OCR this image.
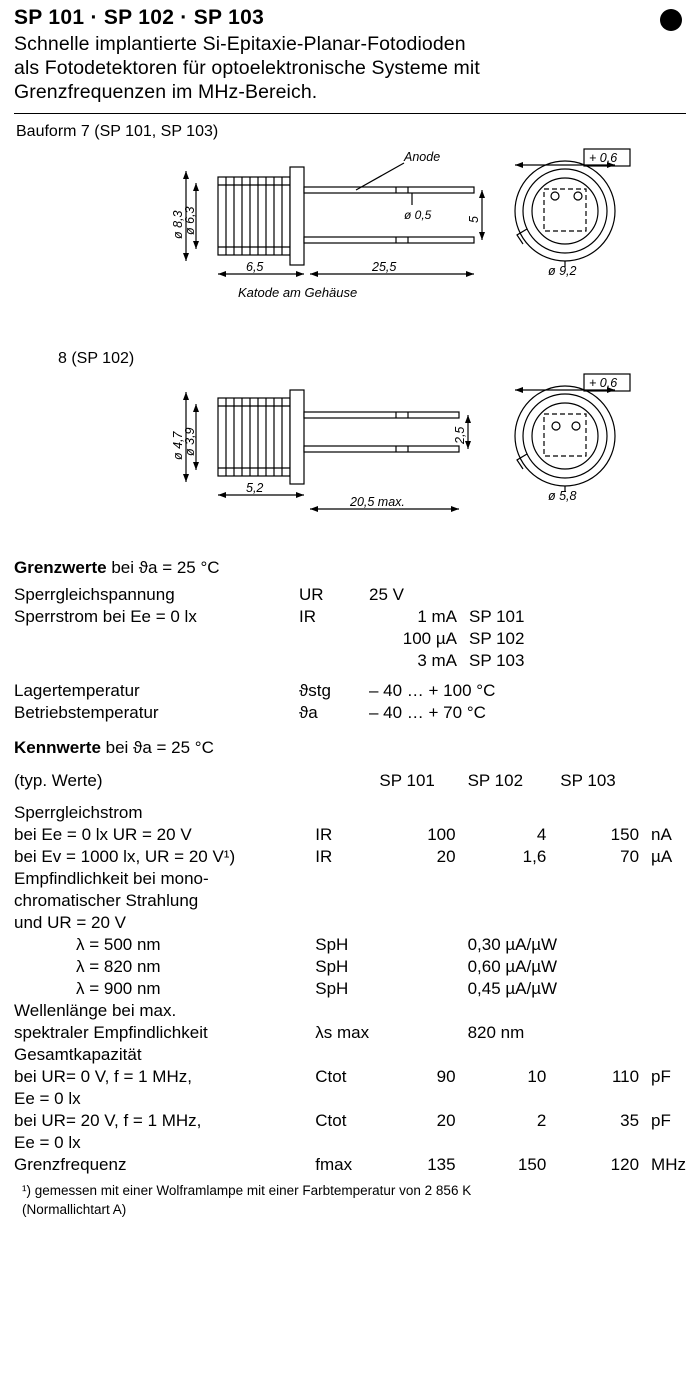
SP 101 · SP 102 · SP 103
Schnelle implantierte Si-Epitaxie-Planar-Fotodioden
als Fotodetektoren für optoelektronische Systeme mit
Grenzfrequenzen im MHz-Bereich.
Bauform 7 (SP 101, SP 103)
ø 8,3
ø 6,3
6,5	25,5
ø 0,5	5
Anode
Katode am Gehäuse
+ 0,6
ø 9,2
8 (SP 102)
ø 4,7
ø 3,9
5,2
20,5 max.
2,5
+ 0,6
ø 5,8
Grenzwerte bei ϑa = 25 °C
Sperrgleichspannung	UR	25 V	
Sperrstrom bei Ee = 0 lx	IR	1 mA	SP 101
		100 µA	SP 102
		3 mA	SP 103

Lagertemperatur	ϑstg	– 40 … + 100 °C	
Betriebstemperatur	ϑa	– 40 … + 70 °C	
Kennwerte bei ϑa = 25 °C
(typ. Werte)		SP 101	SP 102	SP 103	

Sperrgleichstrom					
bei Ee = 0 lx UR = 20 V	IR	100	4	150	nA
bei Ev = 1000 lx, UR = 20 V¹)	IR	20	1,6	70	µA
Empfindlichkeit bei mono-					
chromatischer Strahlung					
und UR = 20 V					
λ = 500 nm	SpH		0,30 µA/µW		
λ = 820 nm	SpH		0,60 µA/µW		
λ = 900 nm	SpH		0,45 µA/µW		
Wellenlänge bei max.					
spektraler Empfindlichkeit	λs max		820 nm		
Gesamtkapazität					
bei UR= 0 V, f = 1 MHz,	Ctot	90	10	110	pF
Ee = 0 lx					
bei UR= 20 V, f = 1 MHz,	Ctot	20	2	35	pF
Ee = 0 lx					
Grenzfrequenz	fmax	135	150	120	MHz
¹) gemessen mit einer Wolframlampe mit einer Farbtemperatur von 2 856 K
(Normallichtart A)
